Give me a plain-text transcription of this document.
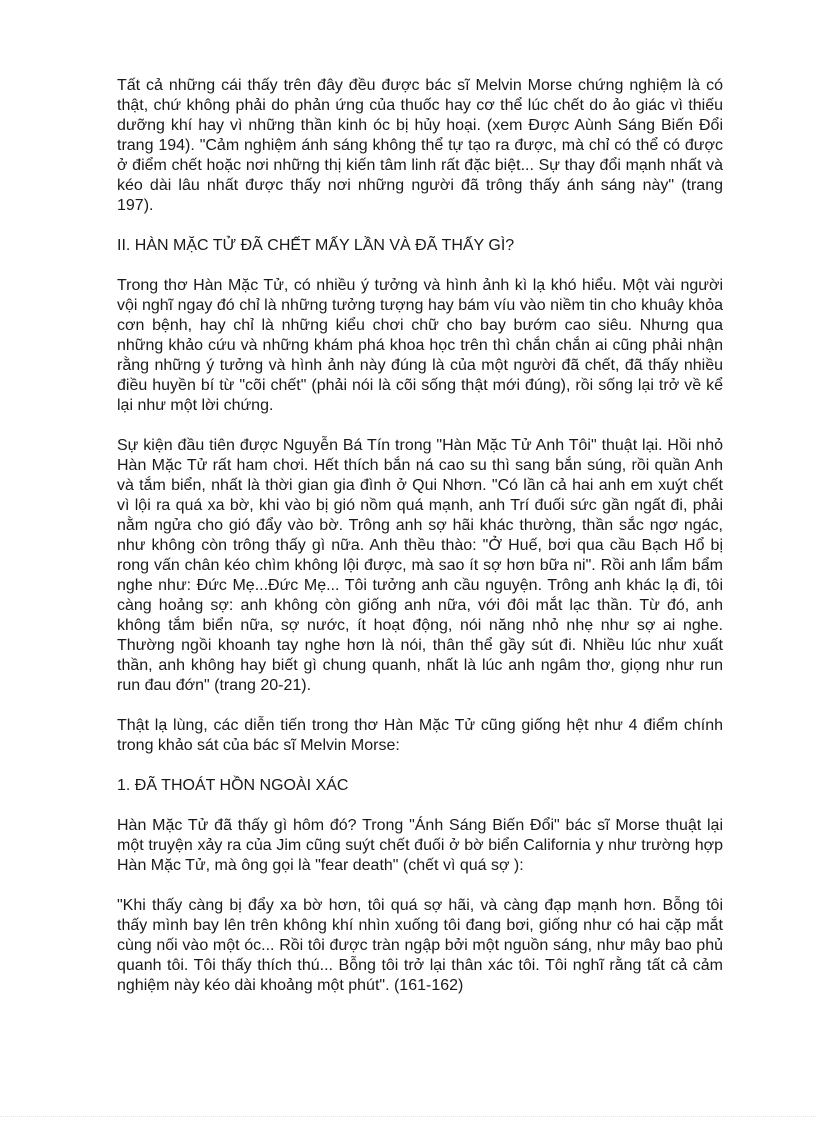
Tất cả những cái thấy trên đây đều được bác sĩ Melvin Morse chứng nghiệm là có thật, chứ không phải do phản ứng của thuốc hay cơ thể lúc chết do ảo giác vì thiếu dưỡng khí hay vì những thần kinh óc bị hủy hoại. (xem Được Aùnh Sáng Biến Đổi trang 194). "Cảm nghiệm ánh sáng không thể tự tạo ra được, mà chỉ có thể có được ở điểm chết hoặc nơi những thị kiến tâm linh rất đặc biệt... Sự thay đổi mạnh nhất và kéo dài lâu nhất được thấy nơi những người đã trông thấy ánh sáng này" (trang 197).

II. HÀN MẶC TỬ ĐÃ CHẾT MẤY LẦN VÀ ĐÃ THẤY GÌ?

Trong thơ Hàn Mặc Tử, có nhiều ý tưởng và hình ảnh kì lạ khó hiểu. Một vài người vội nghĩ ngay đó chỉ là những tưởng tượng hay bám víu vào niềm tin cho khuây khỏa cơn bệnh, hay chỉ là những kiểu chơi chữ cho bay bướm cao siêu. Nhưng qua những khảo cứu và những khám phá khoa học trên thì chắn chắn ai cũng phải nhận rằng những ý tưởng và hình ảnh này đúng là của một người đã chết, đã thấy nhiều điều huyền bí từ "cõi chết" (phải nói là cõi sống thật mới đúng), rồi sống lại trở về kể lại như một lời chứng.

Sự kiện đầu tiên được Nguyễn Bá Tín trong "Hàn Mặc Tử Anh Tôi" thuật lại. Hồi nhỏ Hàn Mặc Tử rất ham chơi. Hết thích bắn ná cao su thì sang bắn súng, rồi quần Anh và tắm biển, nhất là thời gian gia đình ở Qui Nhơn. "Có lần cả hai anh em xuýt chết vì lội ra quá xa bờ, khi vào bị gió nồm quá mạnh, anh Trí đuối sức gần ngất đi, phải nằm ngửa cho gió đẩy vào bờ. Trông anh sợ hãi khác thường, thần sắc ngơ ngác, như không còn trông thấy gì nữa. Anh thều thào: "Ở Huế, bơi qua cầu Bạch Hổ bị rong vấn chân kéo chìm không lội được, mà sao ít sợ hơn bữa ni". Rồi anh lẩm bẩm nghe như: Đức Mẹ...Đức Mẹ... Tôi tưởng anh cầu nguyện. Trông anh khác lạ đi, tôi càng hoảng sợ: anh không còn giống anh nữa, với đôi mắt lạc thần. Từ đó, anh không tắm biển nữa, sợ nước, ít hoạt động, nói năng nhỏ nhẹ như sợ ai nghe. Thường ngồi khoanh tay nghe hơn là nói, thân thể gầy sút đi. Nhiều lúc như xuất thần, anh không hay biết gì chung quanh, nhất là lúc anh ngâm thơ, giọng như run run đau đớn" (trang 20-21).

Thật lạ lùng, các diễn tiến trong thơ Hàn Mặc Tử cũng giống hệt như 4 điểm chính trong khảo sát của bác sĩ Melvin Morse:

1. ĐÃ THOÁT HỒN NGOÀI XÁC

Hàn Mặc Tử đã thấy gì hôm đó? Trong "Ánh Sáng Biến Đổi" bác sĩ Morse thuật lại một truyện xảy ra của Jim cũng suýt chết đuối ở bờ biển California y như trường hợp Hàn Mặc Tử, mà ông gọi là "fear death" (chết vì quá sợ ):

"Khi thấy càng bị đẩy xa bờ hơn, tôi quá sợ hãi, và càng đạp mạnh hơn. Bỗng tôi thấy mình bay lên trên không khí nhìn xuống tôi đang bơi, giống như có hai cặp mắt cùng nối vào một óc... Rồi tôi được tràn ngập bởi một nguồn sáng, như mây bao phủ quanh tôi. Tôi thấy thích thú... Bỗng tôi trở lại thân xác tôi. Tôi nghĩ rằng tất cả cảm nghiệm này kéo dài khoảng một phút". (161-162)
